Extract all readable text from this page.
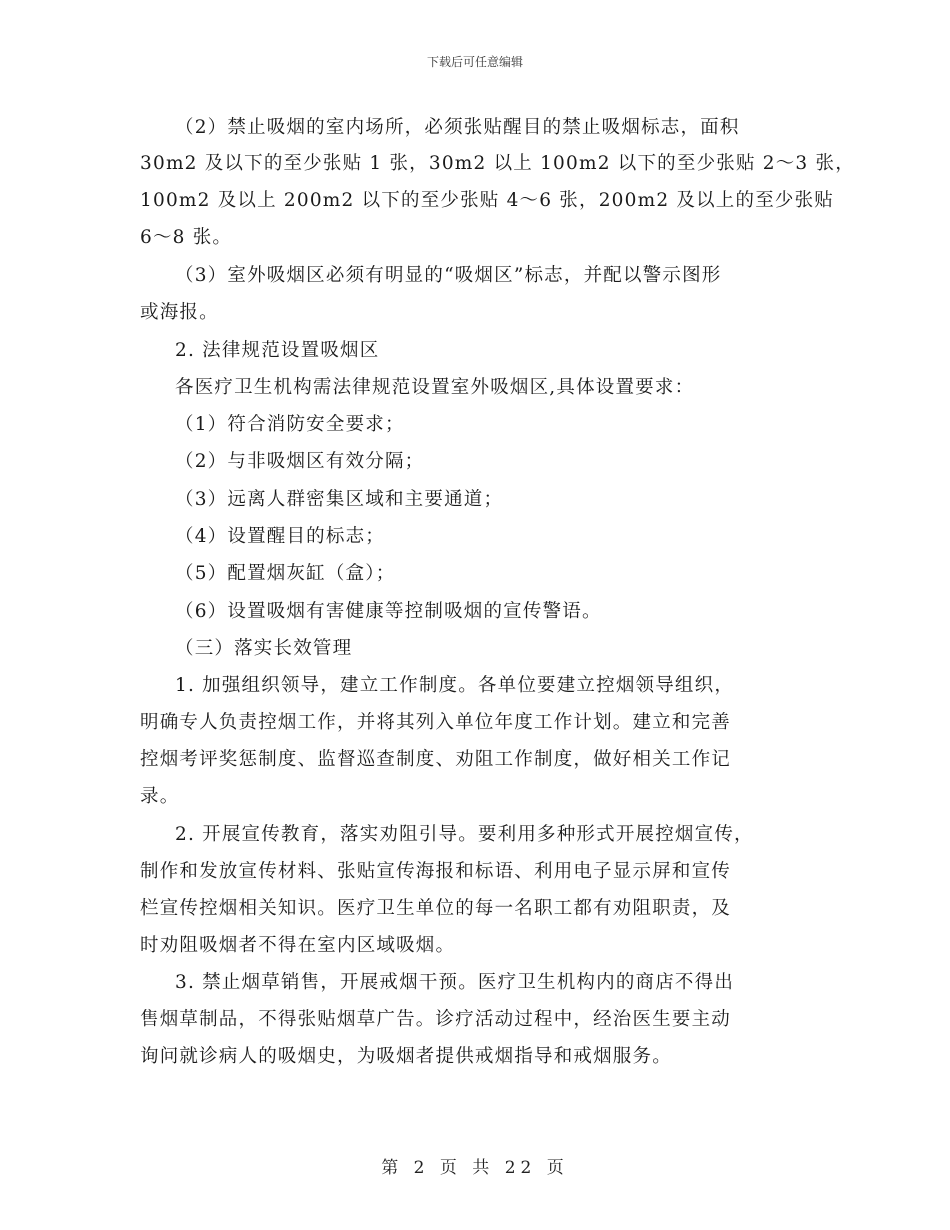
下载后可任意编辑
（2）禁止吸烟的室内场所，必须张贴醒目的禁止吸烟标志，面积
30m2 及以下的至少张贴 1 张，30m2 以上 100m2 以下的至少张贴 2～3 张，
100m2 及以上 200m2 以下的至少张贴 4～6 张，200m2 及以上的至少张贴
6～8 张。
（3）室外吸烟区必须有明显的“吸烟区”标志，并配以警示图形
或海报。
2. 法律规范设置吸烟区
各医疗卫生机构需法律规范设置室外吸烟区,具体设置要求：
（1）符合消防安全要求；
（2）与非吸烟区有效分隔；
（3）远离人群密集区域和主要通道；
（4）设置醒目的标志；
（5）配置烟灰缸（盒）；
（6）设置吸烟有害健康等控制吸烟的宣传警语。
（三）落实长效管理
1. 加强组织领导，建立工作制度。各单位要建立控烟领导组织，
明确专人负责控烟工作，并将其列入单位年度工作计划。建立和完善
控烟考评奖惩制度、监督巡查制度、劝阻工作制度，做好相关工作记
录。
2. 开展宣传教育，落实劝阻引导。要利用多种形式开展控烟宣传，
制作和发放宣传材料、张贴宣传海报和标语、利用电子显示屏和宣传
栏宣传控烟相关知识。医疗卫生单位的每一名职工都有劝阻职责，及
时劝阻吸烟者不得在室内区域吸烟。
3. 禁止烟草销售，开展戒烟干预。医疗卫生机构内的商店不得出
售烟草制品，不得张贴烟草广告。诊疗活动过程中，经治医生要主动
询问就诊病人的吸烟史，为吸烟者提供戒烟指导和戒烟服务。
第 2 页 共 22 页
